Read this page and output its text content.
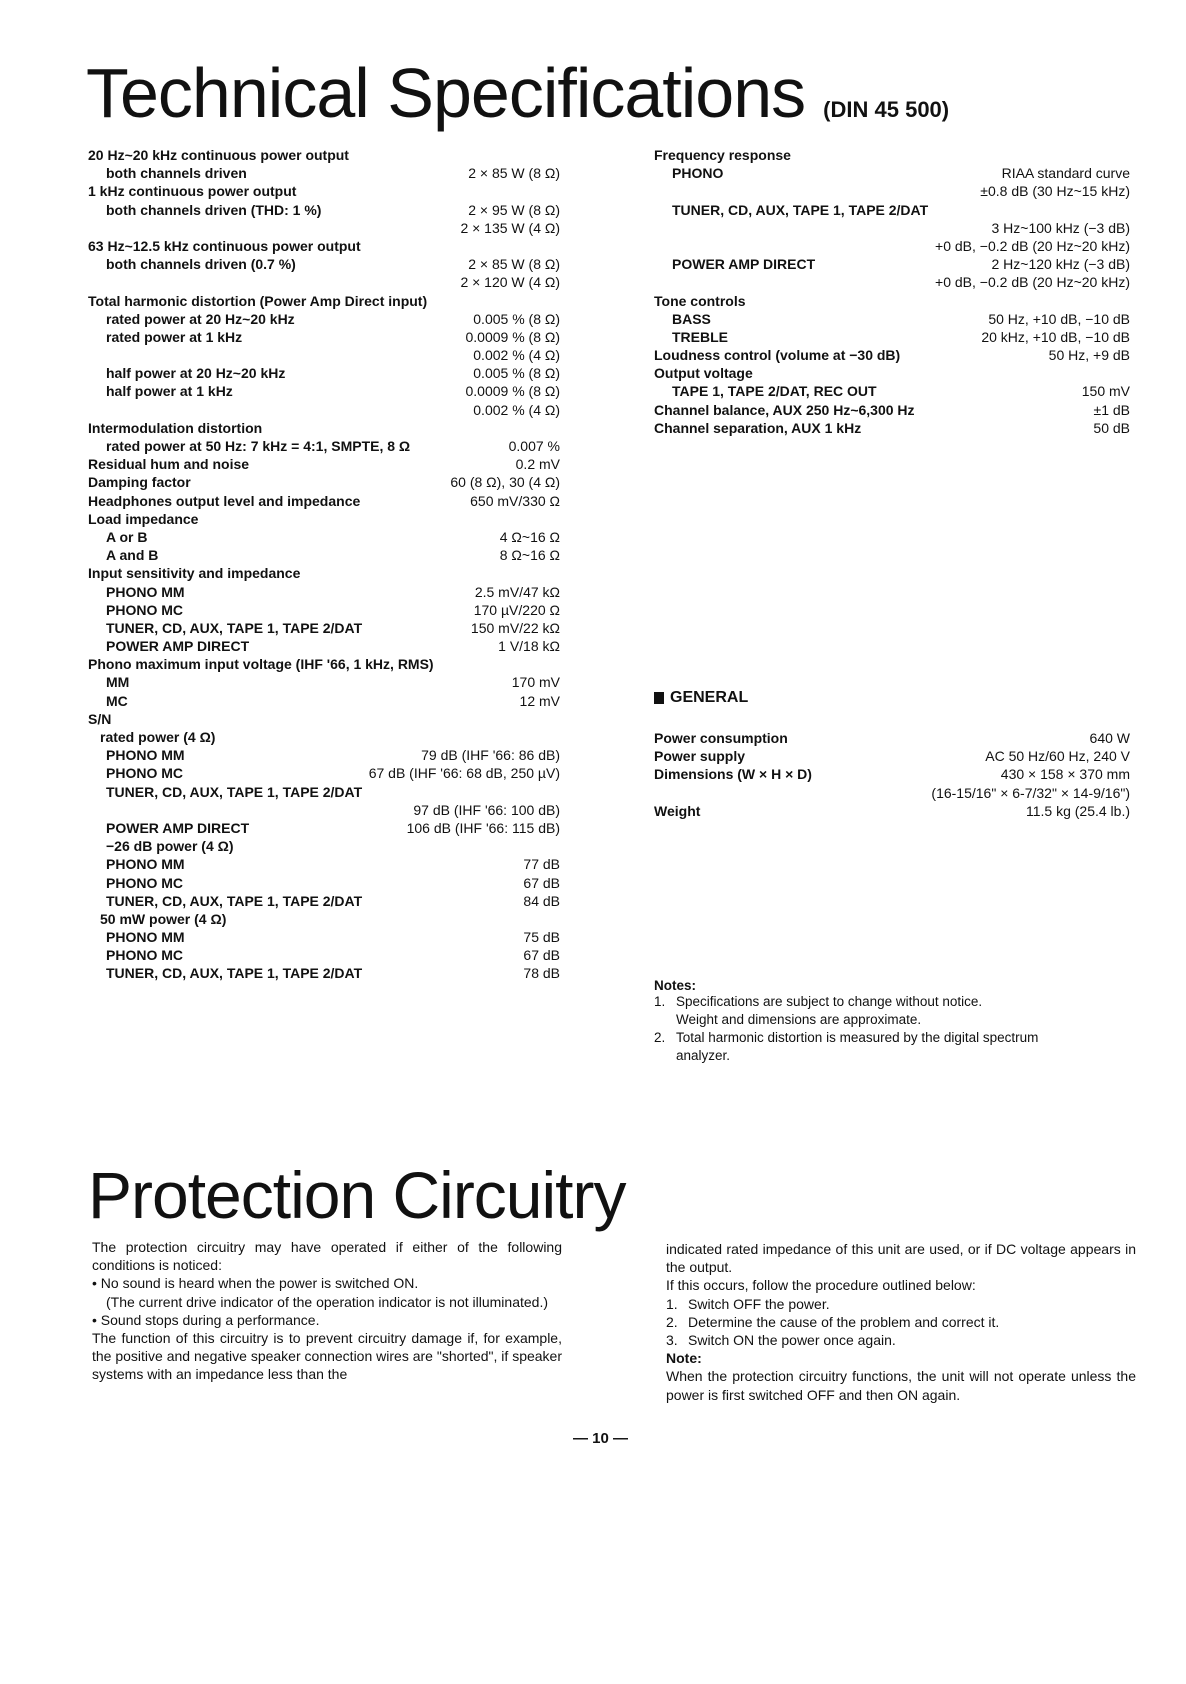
Technical Specifications (DIN 45 500)
20 Hz~20 kHz continuous power output
both channels driven	2 × 85 W (8 Ω)
1 kHz continuous power output
both channels driven (THD: 1 %)	2 × 95 W (8 Ω)
2 × 135 W (4 Ω)
63 Hz~12.5 kHz continuous power output
both channels driven (0.7 %)	2 × 85 W (8 Ω)
2 × 120 W (4 Ω)
Total harmonic distortion (Power Amp Direct input)
rated power at 20 Hz~20 kHz	0.005 % (8 Ω)
rated power at 1 kHz	0.0009 % (8 Ω)
0.002 % (4 Ω)
half power at 20 Hz~20 kHz	0.005 % (8 Ω)
half power at 1 kHz	0.0009 % (8 Ω)
0.002 % (4 Ω)
Intermodulation distortion
rated power at 50 Hz: 7 kHz = 4:1, SMPTE, 8 Ω	0.007 %
Residual hum and noise	0.2 mV
Damping factor	60 (8 Ω), 30 (4 Ω)
Headphones output level and impedance	650 mV/330 Ω
Load impedance
A or B	4 Ω~16 Ω
A and B	8 Ω~16 Ω
Input sensitivity and impedance
PHONO MM	2.5 mV/47 kΩ
PHONO MC	170 µV/220 Ω
TUNER, CD, AUX, TAPE 1, TAPE 2/DAT	150 mV/22 kΩ
POWER AMP DIRECT	1 V/18 kΩ
Phono maximum input voltage (IHF '66, 1 kHz, RMS)
MM	170 mV
MC	12 mV
S/N
rated power (4 Ω)
PHONO MM	79 dB (IHF '66: 86 dB)
PHONO MC	67 dB (IHF '66: 68 dB, 250 µV)
TUNER, CD, AUX, TAPE 1, TAPE 2/DAT
97 dB (IHF '66: 100 dB)
POWER AMP DIRECT	106 dB (IHF '66: 115 dB)
−26 dB power (4 Ω)
PHONO MM	77 dB
PHONO MC	67 dB
TUNER, CD, AUX, TAPE 1, TAPE 2/DAT	84 dB
50 mW power (4 Ω)
PHONO MM	75 dB
PHONO MC	67 dB
TUNER, CD, AUX, TAPE 1, TAPE 2/DAT	78 dB
Frequency response
PHONO	RIAA standard curve
±0.8 dB (30 Hz~15 kHz)
TUNER, CD, AUX, TAPE 1, TAPE 2/DAT
3 Hz~100 kHz (−3 dB)
+0 dB, −0.2 dB (20 Hz~20 kHz)
POWER AMP DIRECT	2 Hz~120 kHz (−3 dB)
+0 dB, −0.2 dB (20 Hz~20 kHz)
Tone controls
BASS	50 Hz, +10 dB, −10 dB
TREBLE	20 kHz, +10 dB, −10 dB
Loudness control (volume at −30 dB)	50 Hz, +9 dB
Output voltage
TAPE 1, TAPE 2/DAT, REC OUT	150 mV
Channel balance, AUX 250 Hz~6,300 Hz	±1 dB
Channel separation, AUX 1 kHz	50 dB
GENERAL
Power consumption	640 W
Power supply	AC 50 Hz/60 Hz, 240 V
Dimensions (W × H × D)	430 × 158 × 370 mm
(16-15/16" × 6-7/32" × 14-9/16")
Weight	11.5 kg (25.4 lb.)
Notes:
1. Specifications are subject to change without notice.
Weight and dimensions are approximate.
2. Total harmonic distortion is measured by the digital spectrum
analyzer.
Protection Circuitry

The protection circuitry may have operated if either of the following conditions is noticed:

• No sound is heard when the power is switched ON.

(The current drive indicator of the operation indicator is not illuminated.)

• Sound stops during a performance.

The function of this circuitry is to prevent circuitry damage if, for example, the positive and negative speaker connection wires are "shorted", if speaker systems with an impedance less than the

indicated rated impedance of this unit are used, or if DC voltage appears in the output.

If this occurs, follow the procedure outlined below:

1. Switch OFF the power.
2. Determine the cause of the problem and correct it.
3. Switch ON the power once again.

Note:

When the protection circuitry functions, the unit will not operate unless the power is first switched OFF and then ON again.

— 10 —
